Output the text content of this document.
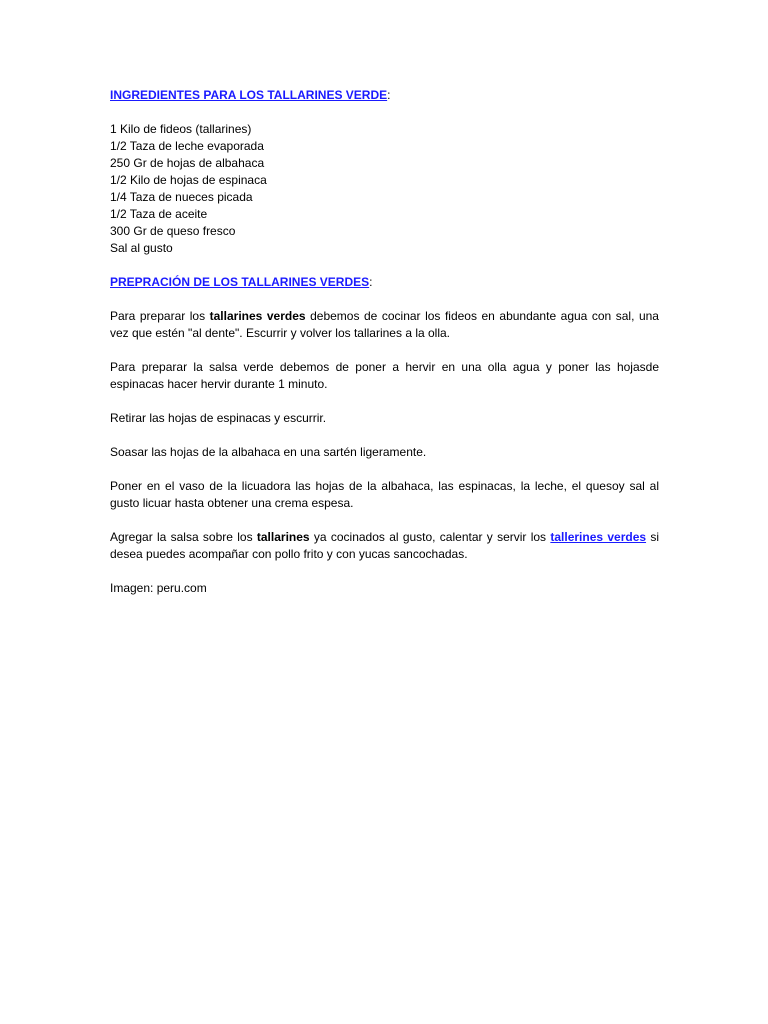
INGREDIENTES PARA LOS TALLARINES VERDE:
1 Kilo de fideos (tallarines)
1/2 Taza de leche evaporada
250 Gr de hojas de albahaca
1/2 Kilo de hojas de espinaca
1/4 Taza de nueces picada
1/2 Taza de aceite
300 Gr de queso fresco
Sal al gusto
PREPRACIÓN DE LOS TALLARINES VERDES:

Para preparar los tallarines verdes debemos de cocinar los fideos en abundante agua con sal, una vez que estén "al dente". Escurrir y volver los tallarines a la olla.

Para preparar la salsa verde debemos de poner a hervir en una olla agua y poner las hojasde espinacas hacer hervir durante 1 minuto.

Retirar las hojas de espinacas y escurrir.

Soasar las hojas de la albahaca en una sartén ligeramente.

Poner en el vaso de la licuadora las hojas de la albahaca, las espinacas, la leche, el quesoy sal al gusto licuar hasta obtener una crema espesa.

Agregar la salsa sobre los tallarines ya cocinados al gusto, calentar y servir los tallerines verdes si desea puedes acompañar con pollo frito y con yucas sancochadas.

Imagen: peru.com
